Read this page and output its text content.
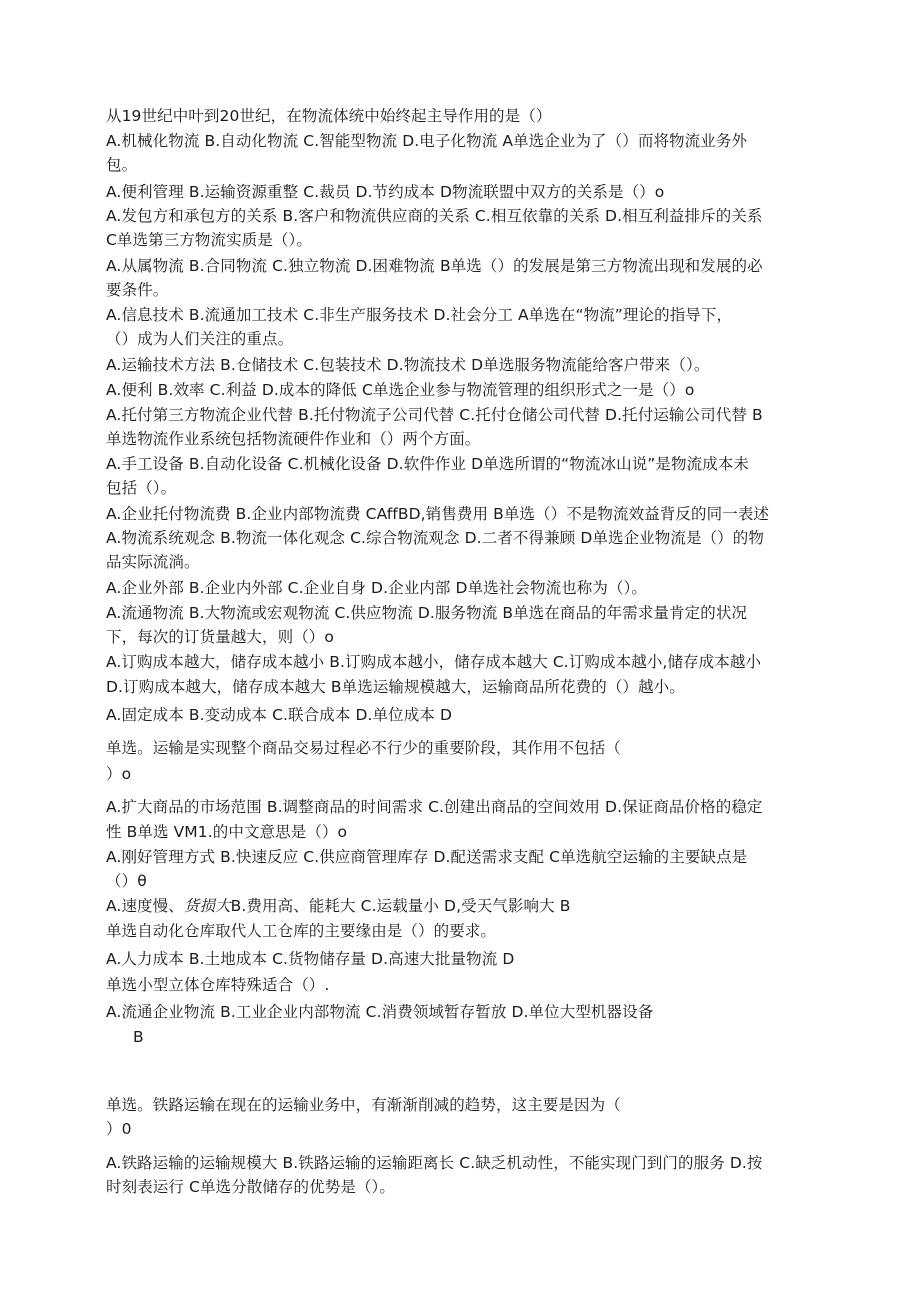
从19世纪中叶到20世纪，在物流体统中始终起主导作用的是（）
A.机械化物流 B.自动化物流 C.智能型物流 D.电子化物流 A单选企业为了（）而将物流业务外
包。
A.便利管理 B.运输资源重整 C.裁员 D.节约成本 D物流联盟中双方的关系是（）o
A.发包方和承包方的关系 B.客户和物流供应商的关系 C.相互依靠的关系 D.相互利益排斥的关系
C单选第三方物流实质是（）。
A.从属物流 B.合同物流 C.独立物流 D.困难物流 B单选（）的发展是第三方物流出现和发展的必
要条件。
A.信息技术 B.流通加工技术 C.非生产服务技术 D.社会分工 A单选在“物流”理论的指导下，
（）成为人们关注的重点。
A.运输技术方法 B.仓储技术 C.包装技术 D.物流技术 D单选服务物流能给客户带来（）。
A.便利 B.效率 C.利益 D.成本的降低 C单选企业参与物流管理的组织形式之一是（）o
A.托付第三方物流企业代替 B.托付物流子公司代替 C.托付仓储公司代替 D.托付运输公司代替 B
单选物流作业系统包括物流硬件作业和（）两个方面。
A.手工设备 B.自动化设备 C.机械化设备 D.软件作业 D单选所谓的“物流冰山说”是物流成本未
包括（）。
A.企业托付物流费 B.企业内部物流费 CAffBD,销售费用 B单选（）不是物流效益背反的同一表述
A.物流系统观念 B.物流一体化观念 C.综合物流观念 D.二者不得兼顾 D单选企业物流是（）的物
品实际流淌。
A.企业外部 B.企业内外部 C.企业自身 D.企业内部 D单选社会物流也称为（）。
A.流通物流 B.大物流或宏观物流 C.供应物流 D.服务物流 B单选在商品的年需求量肯定的状况
下，每次的订货量越大，则（）o
A.订购成本越大，储存成本越小 B.订购成本越小，储存成本越大 C.订购成本越小,储存成本越小
D.订购成本越大，储存成本越大 B单选运输规模越大，运输商品所花费的（）越小。
A.固定成本 B.变动成本 C.联合成本 D.单位成本 D
单选。运输是实现整个商品交易过程必不行少的重要阶段，其作用不包括（
）o
A.扩大商品的市场范围 B.调整商品的时间需求 C.创建出商品的空间效用 D.保证商品价格的稳定
性 B单选 VM1.的中文意思是（）o
A.刚好管理方式 B.快速反应 C.供应商管理库存 D.配送需求支配 C单选航空运输的主要缺点是
（）θ
A.速度慢、货损大B.费用高、能耗大 C.运载量小 D,受天气影响大 B
单选自动化仓库取代人工仓库的主要缘由是（）的要求。
A.人力成本 B.土地成本 C.货物储存量 D.高速大批量物流 D
单选小型立体仓库特殊适合（）.
A.流通企业物流 B.工业企业内部物流 C.消费领域暂存暂放 D.单位大型机器设备
B
单选。铁路运输在现在的运输业务中，有渐渐削减的趋势，这主要是因为（
）0
A.铁路运输的运输规模大 B.铁路运输的运输距离长 C.缺乏机动性，不能实现门到门的服务 D.按
时刻表运行 C单选分散储存的优势是（）。
